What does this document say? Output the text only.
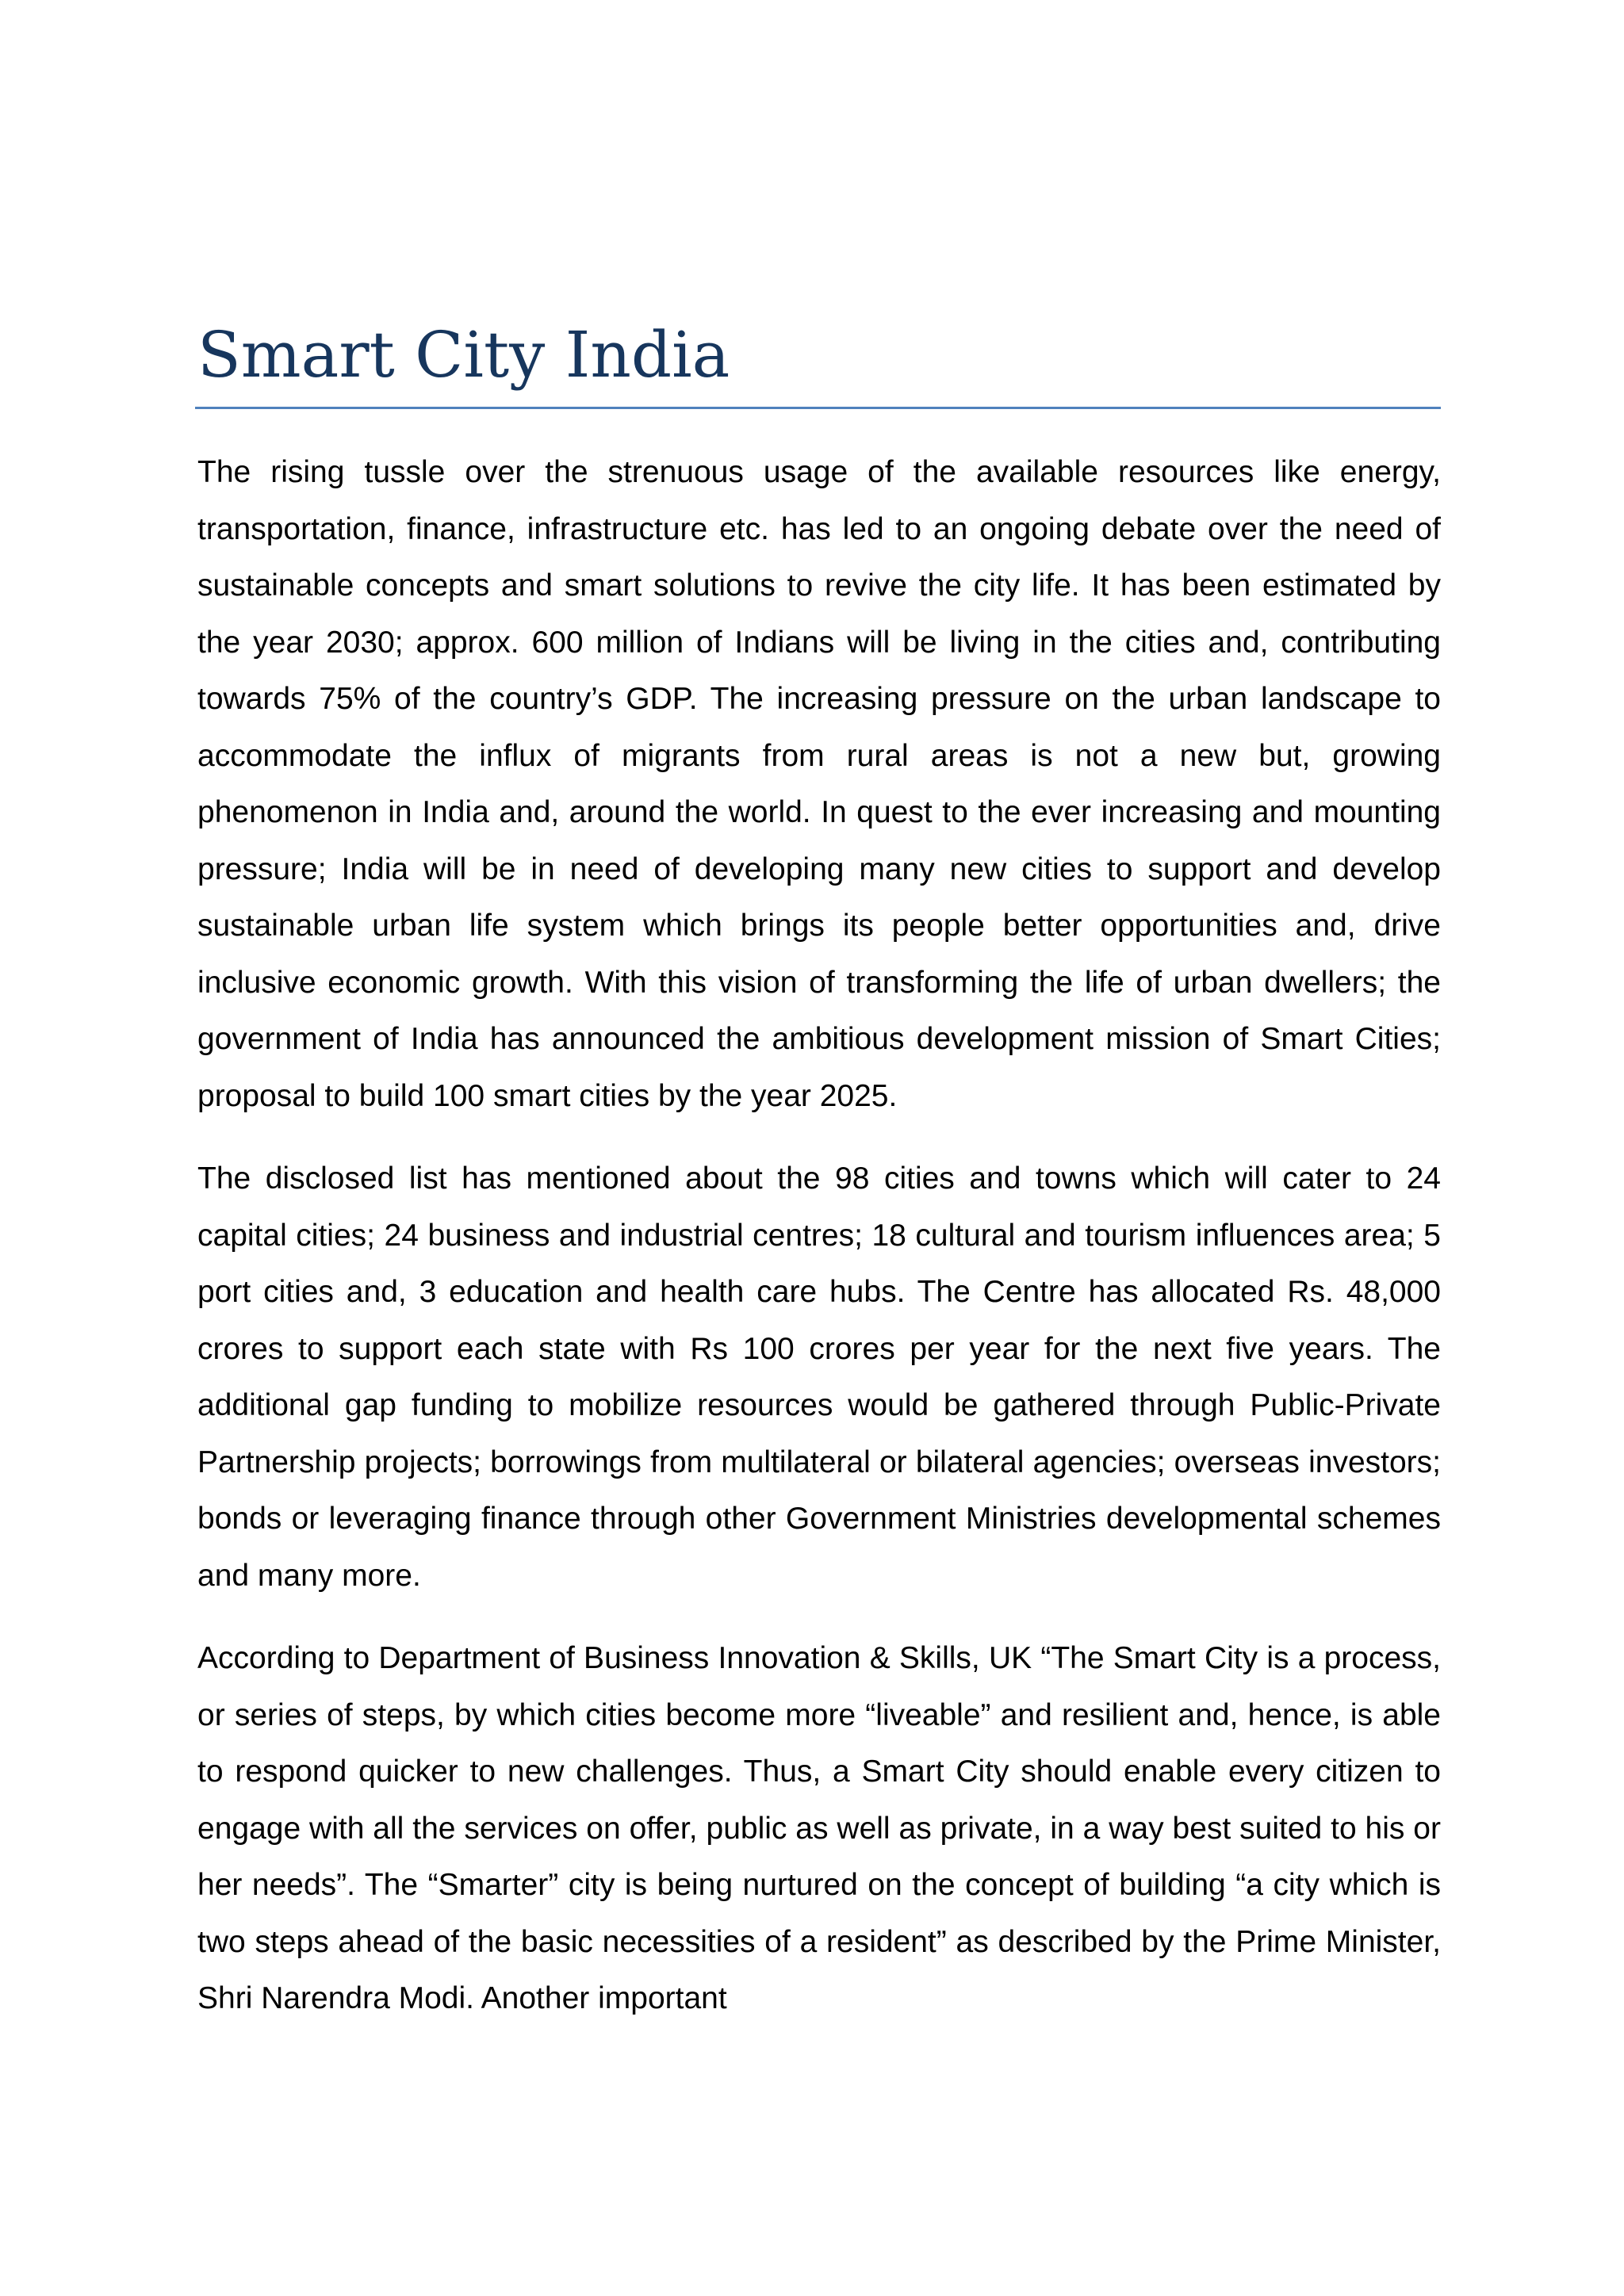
Smart City India

The rising tussle over the strenuous usage of the available resources like energy, transportation, finance, infrastructure etc. has led to an ongoing debate over the need of sustainable concepts and smart solutions to revive the city life. It has been estimated by the year 2030; approx. 600 million of Indians will be living in the cities and, contributing towards 75% of the country’s GDP. The increasing pressure on the urban landscape to accommodate the influx of migrants from rural areas is not a new but, growing phenomenon in India and, around the world. In quest to the ever increasing and mounting pressure; India will be in need of developing many new cities to support and develop sustainable urban life system which brings its people better opportunities and, drive inclusive economic growth. With this vision of transforming the life of urban dwellers; the government of India has announced the ambitious development mission of Smart Cities; proposal to build 100 smart cities by the year 2025.

The disclosed list has mentioned about the 98 cities and towns which will cater to 24 capital cities; 24 business and industrial centres; 18 cultural and tourism influences area; 5 port cities and, 3 education and health care hubs. The Centre has allocated Rs. 48,000 crores to support each state with Rs 100 crores per year for the next five years. The additional gap funding to mobilize resources would be gathered through Public-Private Partnership projects; borrowings from multilateral or bilateral agencies; overseas investors; bonds or leveraging finance through other Government Ministries developmental schemes and many more.

According to Department of Business Innovation & Skills, UK “The Smart City is a process, or series of steps, by which cities become more “liveable” and resilient and, hence, is able to respond quicker to new challenges. Thus, a Smart City should enable every citizen to engage with all the services on offer, public as well as private, in a way best suited to his or her needs”. The “Smarter” city is being nurtured on the concept of building “a city which is two steps ahead of the basic necessities of a resident” as described by the Prime Minister, Shri Narendra Modi. Another important
